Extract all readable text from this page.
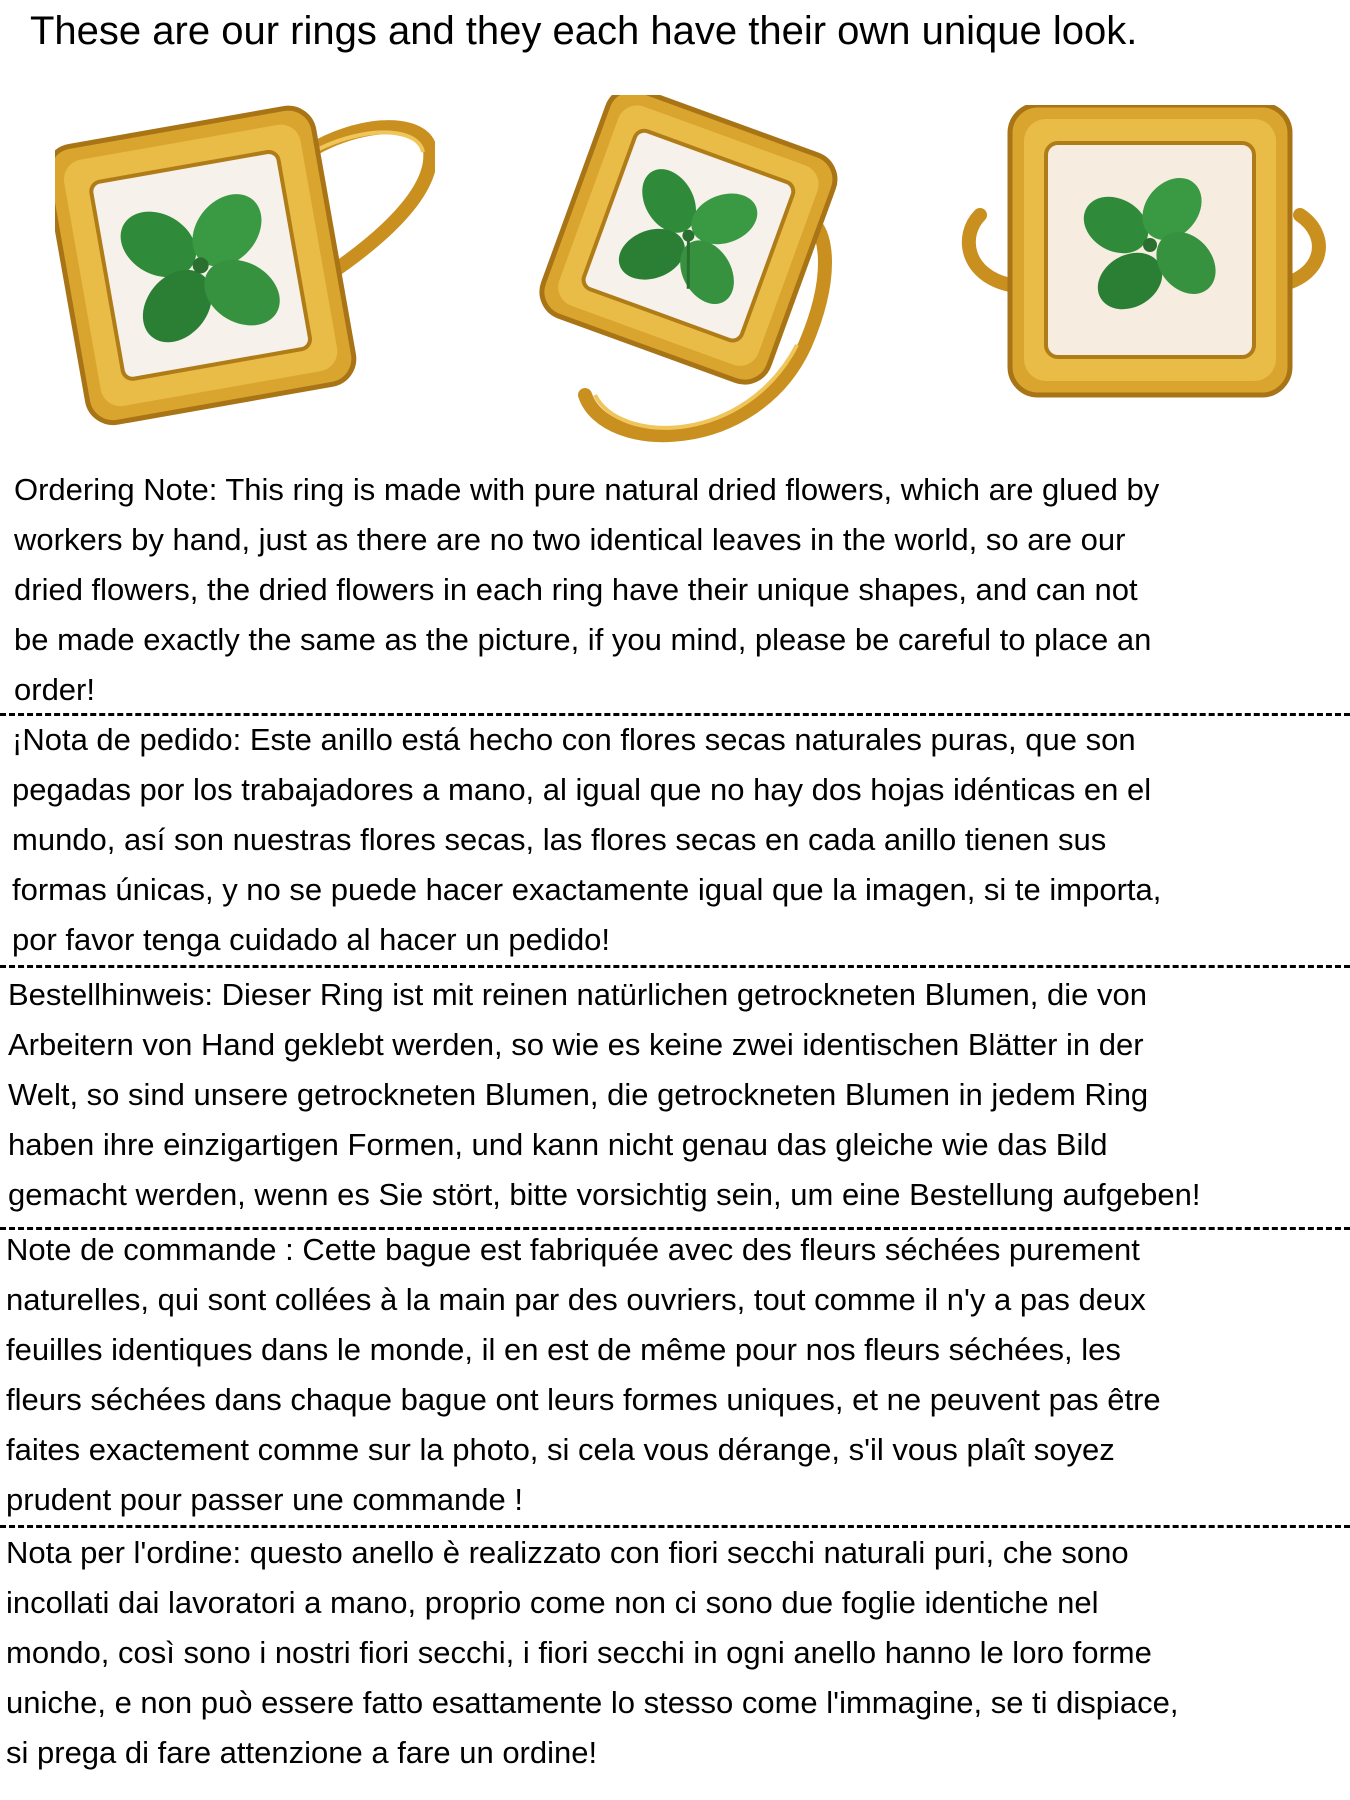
These are our rings and they each have their own unique look.
Ordering Note: This ring is made with pure natural dried flowers, which are glued by
workers by hand, just as there are no two identical leaves in the world, so are our
dried flowers, the dried flowers in each ring have their unique shapes, and can not
be made exactly the same as the picture, if you mind, please be careful to place an
order!
¡Nota de pedido: Este anillo está hecho con flores secas naturales puras, que son
pegadas por los trabajadores a mano, al igual que no hay dos hojas idénticas en el
mundo, así son nuestras flores secas, las flores secas en cada anillo tienen sus
formas únicas, y no se puede hacer exactamente igual que la imagen, si te importa,
por favor tenga cuidado al hacer un pedido!
Bestellhinweis: Dieser Ring ist mit reinen natürlichen getrockneten Blumen, die von
Arbeitern von Hand geklebt werden, so wie es keine zwei identischen Blätter in der
Welt, so sind unsere getrockneten Blumen, die getrockneten Blumen in jedem Ring
haben ihre einzigartigen Formen, und kann nicht genau das gleiche wie das Bild
gemacht werden, wenn es Sie stört, bitte vorsichtig sein, um eine Bestellung aufgeben!
Note de commande : Cette bague est fabriquée avec des fleurs séchées purement
naturelles, qui sont collées à la main par des ouvriers, tout comme il n'y a pas deux
feuilles identiques dans le monde, il en est de même pour nos fleurs séchées, les
fleurs séchées dans chaque bague ont leurs formes uniques, et ne peuvent pas être
faites exactement comme sur la photo, si cela vous dérange, s'il vous plaît soyez
prudent pour passer une commande !
Nota per l'ordine: questo anello è realizzato con fiori secchi naturali puri, che sono
incollati dai lavoratori a mano, proprio come non ci sono due foglie identiche nel
mondo, così sono i nostri fiori secchi, i fiori secchi in ogni anello hanno le loro forme
uniche, e non può essere fatto esattamente lo stesso come l'immagine, se ti dispiace,
si prega di fare attenzione a fare un ordine!
